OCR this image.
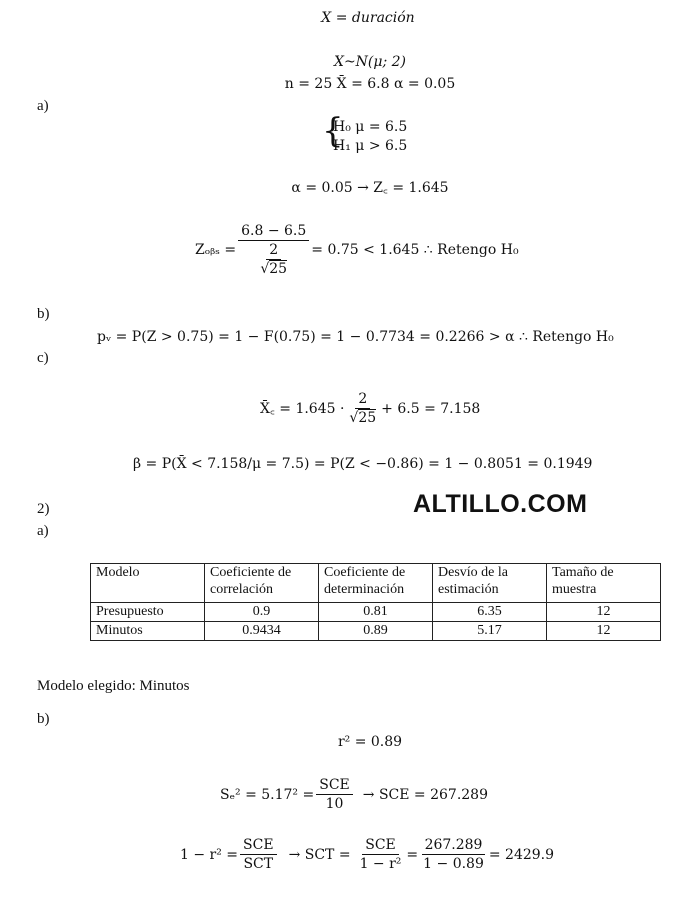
X = duración
X~N(μ; 2)
n = 25 X̄ = 6.8 α = 0.05
a)
{
H₀ μ = 6.5
H₁ μ > 6.5
α = 0.05 → Z꜀ = 1.645
Zₒᵦₛ = $\frac{6.8 - 6.5}{\frac{2}{√25}} = 0.75 < 1.645$ ∴ Retengo H₀
b)
pᵥ = P(Z > 0.75) = 1 − F(0.75) = 1 − 0.7734 = 0.2266 > α ∴ Retengo H₀
c)
X̄꜀ = $1.645 \cdot \frac{2}{√25} + 6.5 = 7.158$
β = P(X̄ < 7.158/μ = 7.5) = P(Z < −0.86) = 1 − 0.8051 = 0.1949
2)	ALTILLO.COM
a)
Modelo	Coeficiente de correlación	Coeficiente de determinación	Desvío de la estimación	Tamaño de muestra
Presupuesto	0.9	0.81	6.35	12
Minutos	0.9434	0.89	5.17	12
Modelo elegido: Minutos
b)
r² = 0.89
$S_e^2 = 5.17^2 = \frac{\text{SCE}}{10}$ → SCE = 267.289
$1 - r^2 = \frac{\text{SCE}}{\text{SCT}}$ → SCT = $\frac{\text{SCE}}{\text{1 − r²}} = \frac{267.289}{1 - 0.89} = 2429.9$
